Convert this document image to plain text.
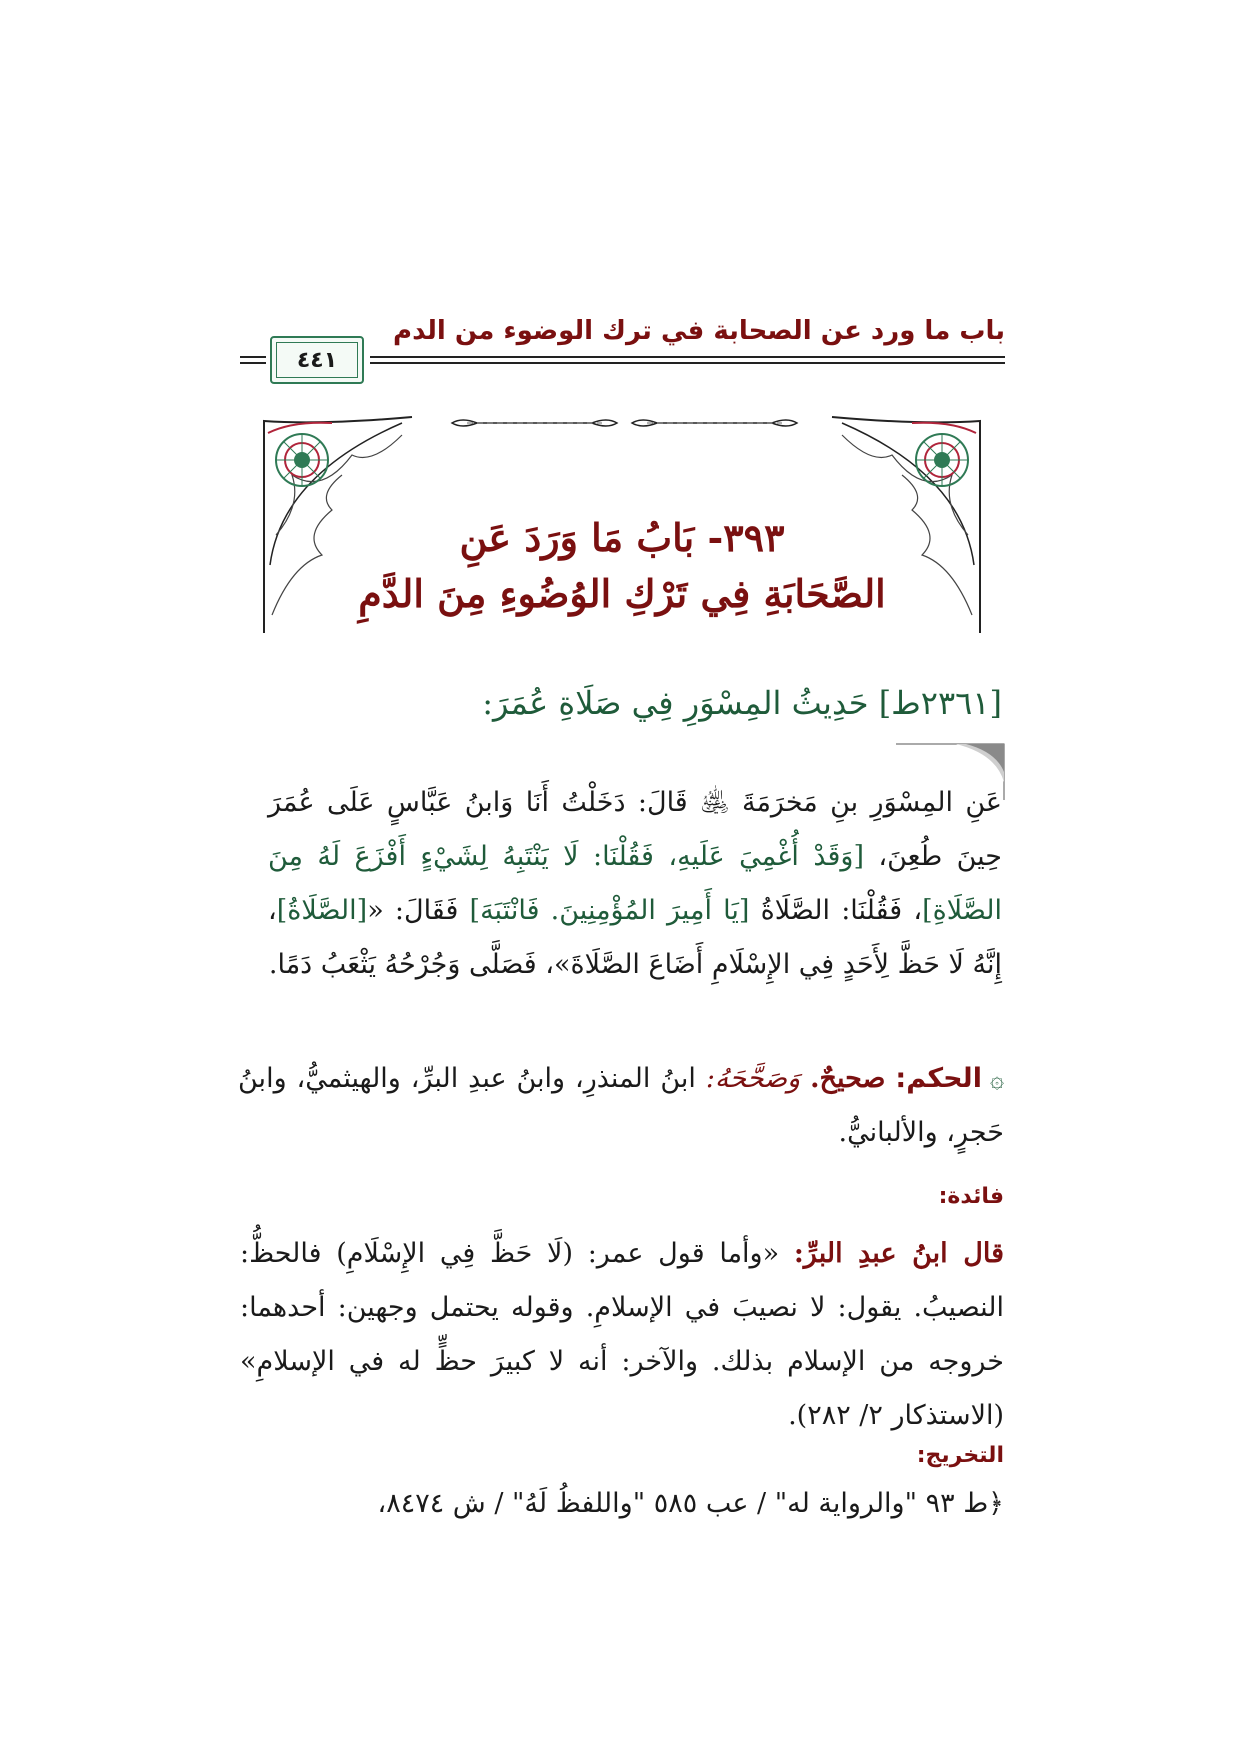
باب ما ورد عن الصحابة في ترك الوضوء من الدم
٤٤١
٣٩٣- بَابُ مَا وَرَدَ عَنِ
الصَّحَابَةِ فِي تَرْكِ الوُضُوءِ مِنَ الدَّمِ
[٢٣٦١ط] حَدِيثُ المِسْوَرِ فِي صَلَاةِ عُمَرَ:
عَنِ المِسْوَرِ بنِ مَخرَمَةَ ﵁ قَالَ: دَخَلْتُ أَنَا وَابنُ عَبَّاسٍ عَلَى عُمَرَ حِينَ طُعِنَ، [وَقَدْ أُغْمِيَ عَلَيهِ، فَقُلْنَا: لَا يَنْتَبِهُ لِشَيْءٍ أَفْزَعَ لَهُ مِنَ الصَّلَاةِ]، فَقُلْنَا: الصَّلَاةُ [يَا أَمِيرَ المُؤْمِنِينَ. فَانْتَبَهَ] فَقَالَ: «[الصَّلَاةُ]، إِنَّهُ لَا حَظَّ لِأَحَدٍ فِي الإِسْلَامِ أَضَاعَ الصَّلَاةَ»، فَصَلَّى وَجُرْحُهُ يَثْعَبُ دَمًا.
۞الحكم: صحيحٌ. وَصَحَّحَهُ: ابنُ المنذرِ، وابنُ عبدِ البرِّ، والهيثميُّ، وابنُ حَجرٍ، والألبانيُّ.
فائدة:
قال ابنُ عبدِ البرِّ: «وأما قول عمر: (لَا حَظَّ فِي الإِسْلَامِ) فالحظُّ: النصيبُ. يقول: لا نصيبَ في الإسلامِ. وقوله يحتمل وجهين: أحدهما: خروجه من الإسلام بذلك. والآخر: أنه لا كبيرَ حظٍّ له في الإسلامِ» (الاستذكار ٢/ ٢٨٢).
التخريج:
﴿ط ٩٣ "والرواية له" / عب ٥٨٥ "واللفظُ لَهُ" / ش ٨٤٧٤،
